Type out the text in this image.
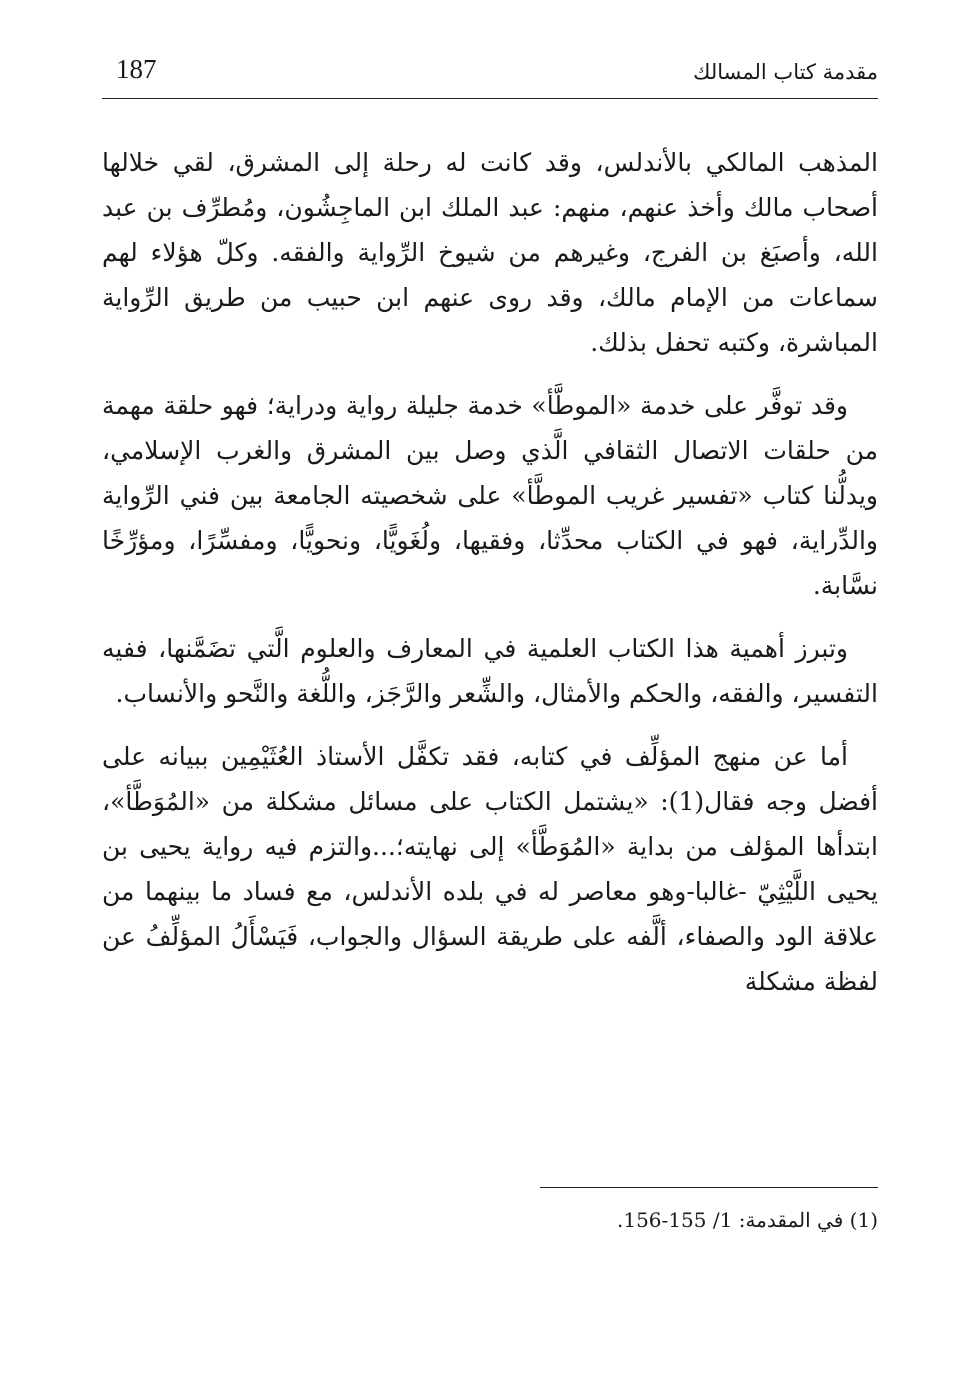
187	مقدمة كتاب المسالك

المذهب المالكي بالأندلس، وقد كانت له رحلة إلى المشرق، لقي خلالها أصحاب مالك وأخذ عنهم، منهم: عبد الملك ابن الماجِشُون، ومُطرِّف بن عبد الله، وأصبَغ بن الفرج، وغيرهم من شيوخ الرِّواية والفقه. وكلّ هؤلاء لهم سماعات من الإمام مالك، وقد روى عنهم ابن حبيب من طريق الرِّواية المباشرة، وكتبه تحفل بذلك.

وقد توفَّر على خدمة «الموطَّأ» خدمة جليلة رواية ودراية؛ فهو حلقة مهمة من حلقات الاتصال الثقافي الَّذي وصل بين المشرق والغرب الإسلامي، ويدلُّنا كتاب «تفسير غريب الموطَّأ» على شخصيته الجامعة بين فني الرِّواية والدِّراية، فهو في الكتاب محدِّثا، وفقيها، ولُغَويًّا، ونحويًّا، ومفسِّرًا، ومؤرِّخًا نسَّابة.

وتبرز أهمية هذا الكتاب العلمية في المعارف والعلوم الَّتي تضَمَّنها، ففيه التفسير، والفقه، والحكم والأمثال، والشِّعر والرَّجَز، واللُّغة والنَّحو والأنساب.

أما عن منهج المؤلِّف في كتابه، فقد تكفَّل الأستاذ العُثَيْمِين ببيانه على أفضل وجه فقال(1): «يشتمل الكتاب على مسائل مشكلة من «المُوَطَّأ»، ابتدأها المؤلف من بداية «المُوَطَّأ» إلى نهايته؛...والتزم فيه رواية يحيى بن يحيى اللَّيْثِيّ -غالبا-وهو معاصر له في بلده الأندلس، مع فساد ما بينهما من علاقة الود والصفاء، ألَّفه على طريقة السؤال والجواب، فَيَسْأَلُ المؤلِّفُ عن لفظة مشكلة

(1) في المقدمة: 1/ 155-156.
